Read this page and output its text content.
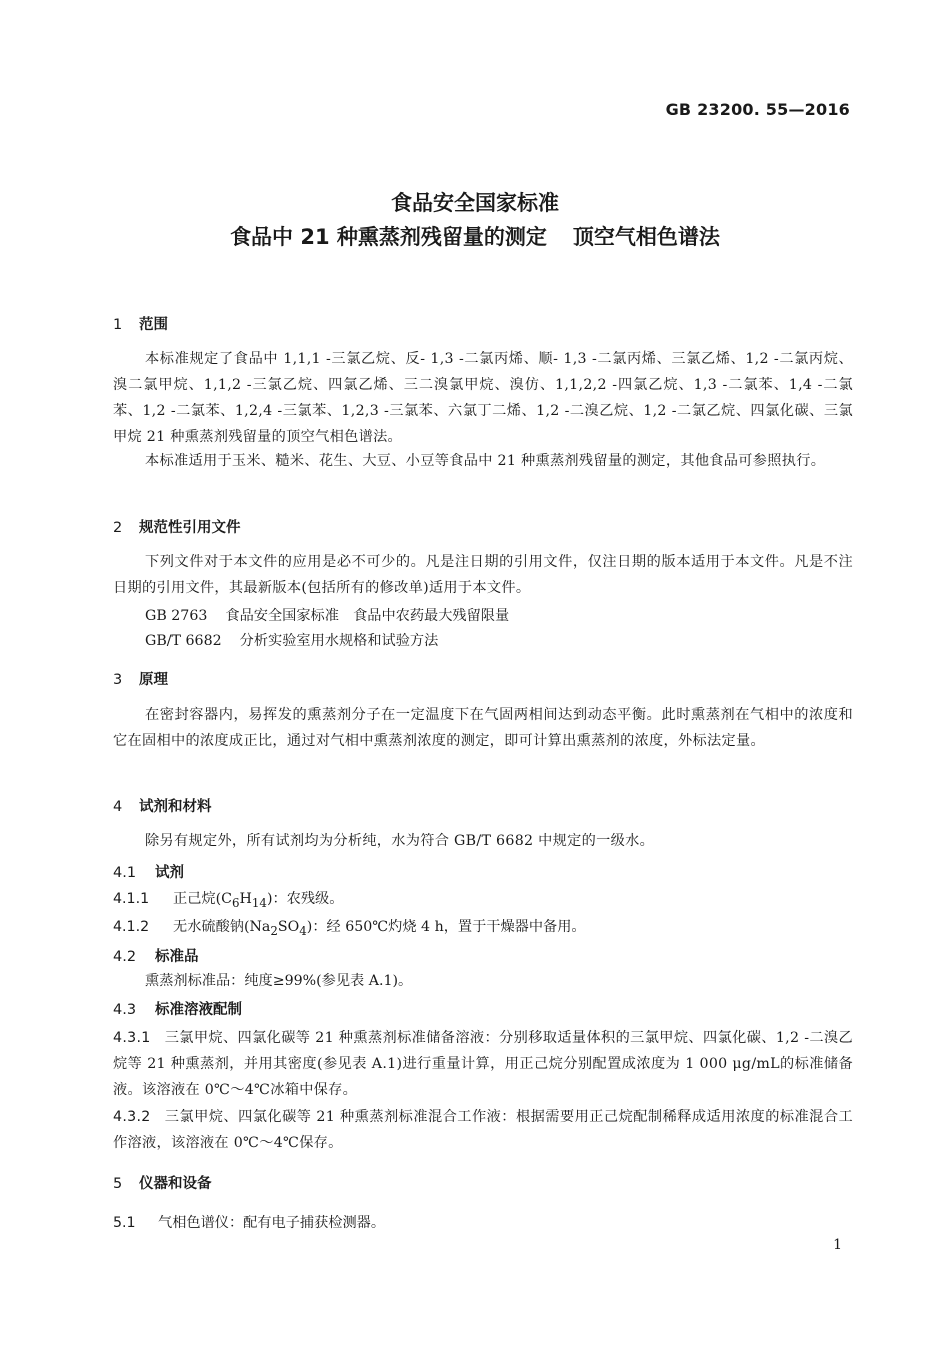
GB 23200. 55—2016
食品安全国家标准
食品中 21 种熏蒸剂残留量的测定 顶空气相色谱法
1 范围
本标准规定了食品中 1,1,1 -三氯乙烷、反- 1,3 -二氯丙烯、顺- 1,3 -二氯丙烯、三氯乙烯、1,2 -二氯丙烷、溴二氯甲烷、1,1,2 -三氯乙烷、四氯乙烯、三二溴氯甲烷、溴仿、1,1,2,2 -四氯乙烷、1,3 -二氯苯、1,4 -二氯苯、1,2 -二氯苯、1,2,4 -三氯苯、1,2,3 -三氯苯、六氯丁二烯、1,2 -二溴乙烷、1,2 -二氯乙烷、四氯化碳、三氯甲烷 21 种熏蒸剂残留量的顶空气相色谱法。
本标准适用于玉米、糙米、花生、大豆、小豆等食品中 21 种熏蒸剂残留量的测定，其他食品可参照执行。
2 规范性引用文件
下列文件对于本文件的应用是必不可少的。凡是注日期的引用文件，仅注日期的版本适用于本文件。凡是不注日期的引用文件，其最新版本(包括所有的修改单)适用于本文件。
GB 2763 食品安全国家标准　食品中农药最大残留限量
GB/T 6682 分析实验室用水规格和试验方法
3 原理
在密封容器内，易挥发的熏蒸剂分子在一定温度下在气固两相间达到动态平衡。此时熏蒸剂在气相中的浓度和它在固相中的浓度成正比，通过对气相中熏蒸剂浓度的测定，即可计算出熏蒸剂的浓度，外标法定量。
4 试剂和材料
除另有规定外，所有试剂均为分析纯，水为符合 GB/T 6682 中规定的一级水。
4.1 试剂
4.1.1 正己烷$(C_6H_{14})$：农残级。
4.1.2 无水硫酸钠$(Na_2SO_4)$：经 650℃灼烧 4 h，置于干燥器中备用。
4.2 标准品
熏蒸剂标准品：纯度≥99%(参见表 A.1)。
4.3 标准溶液配制
4.3.1 三氯甲烷、四氯化碳等 21 种熏蒸剂标准储备溶液：分别移取适量体积的三氯甲烷、四氯化碳、1,2 -二溴乙烷等 21 种熏蒸剂，并用其密度(参见表 A.1)进行重量计算，用正己烷分别配置成浓度为 1 000 μg/mL的标准储备液。该溶液在 0℃～4℃冰箱中保存。
4.3.2 三氯甲烷、四氯化碳等 21 种熏蒸剂标准混合工作液：根据需要用正己烷配制稀释成适用浓度的标准混合工作溶液，该溶液在 0℃～4℃保存。
5 仪器和设备
5.1 气相色谱仪：配有电子捕获检测器。
1
